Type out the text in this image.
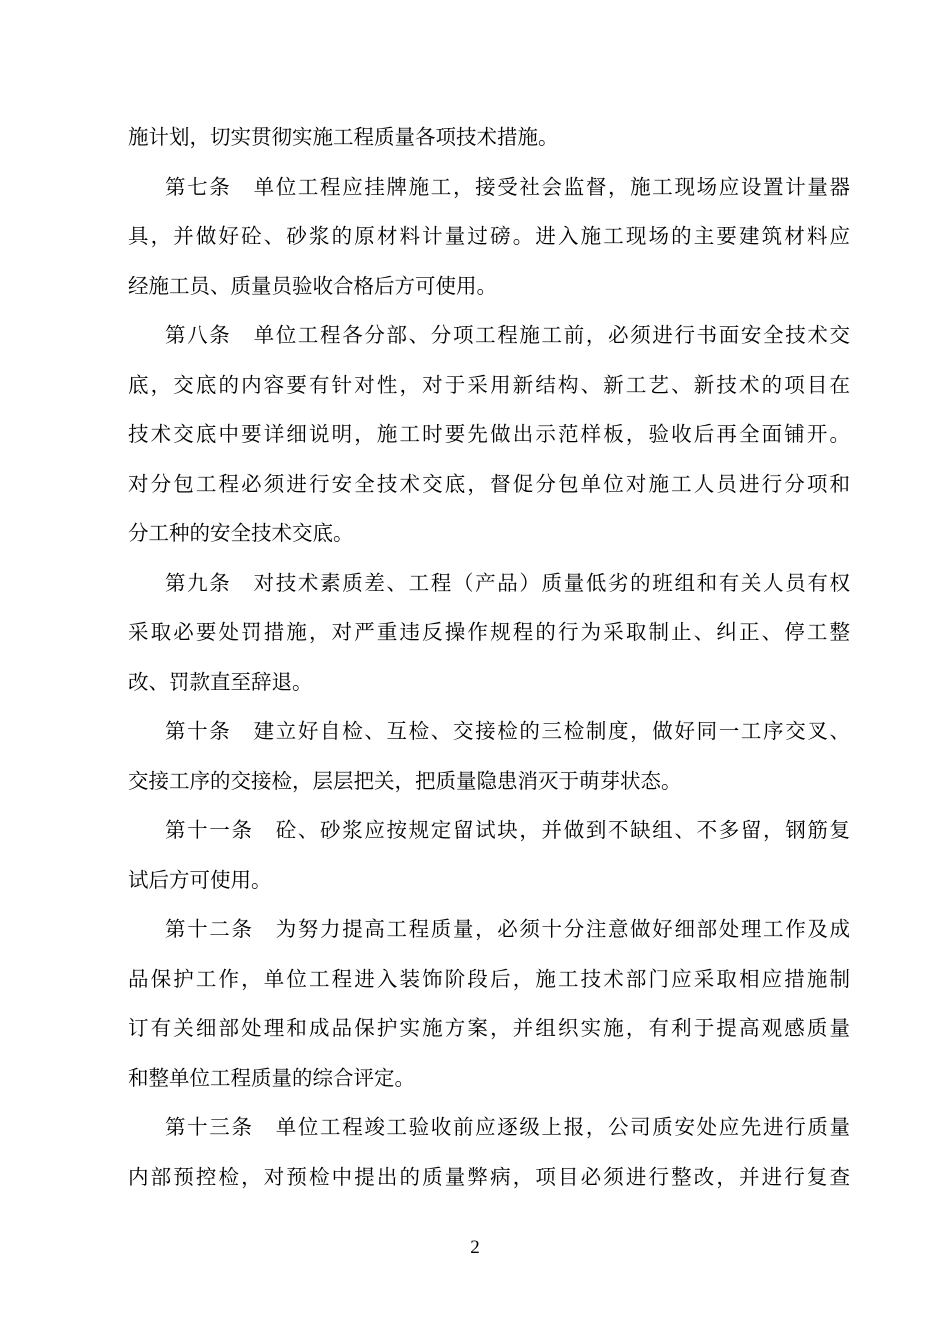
施计划，切实贯彻实施工程质量各项技术措施。
第七条　单位工程应挂牌施工，接受社会监督，施工现场应设置计量器
具，并做好砼、砂浆的原材料计量过磅。进入施工现场的主要建筑材料应
经施工员、质量员验收合格后方可使用。
第八条　单位工程各分部、分项工程施工前，必须进行书面安全技术交
底，交底的内容要有针对性，对于采用新结构、新工艺、新技术的项目在
技术交底中要详细说明，施工时要先做出示范样板，验收后再全面铺开。
对分包工程必须进行安全技术交底，督促分包单位对施工人员进行分项和
分工种的安全技术交底。
第九条　对技术素质差、工程（产品）质量低劣的班组和有关人员有权
采取必要处罚措施，对严重违反操作规程的行为采取制止、纠正、停工整
改、罚款直至辞退。
第十条　建立好自检、互检、交接检的三检制度，做好同一工序交叉、
交接工序的交接检，层层把关，把质量隐患消灭于萌芽状态。
第十一条　砼、砂浆应按规定留试块，并做到不缺组、不多留，钢筋复
试后方可使用。
第十二条　为努力提高工程质量，必须十分注意做好细部处理工作及成
品保护工作，单位工程进入装饰阶段后，施工技术部门应采取相应措施制
订有关细部处理和成品保护实施方案，并组织实施，有利于提高观感质量
和整单位工程质量的综合评定。
第十三条　单位工程竣工验收前应逐级上报，公司质安处应先进行质量
内部预控检，对预检中提出的质量弊病，项目必须进行整改，并进行复查
2
